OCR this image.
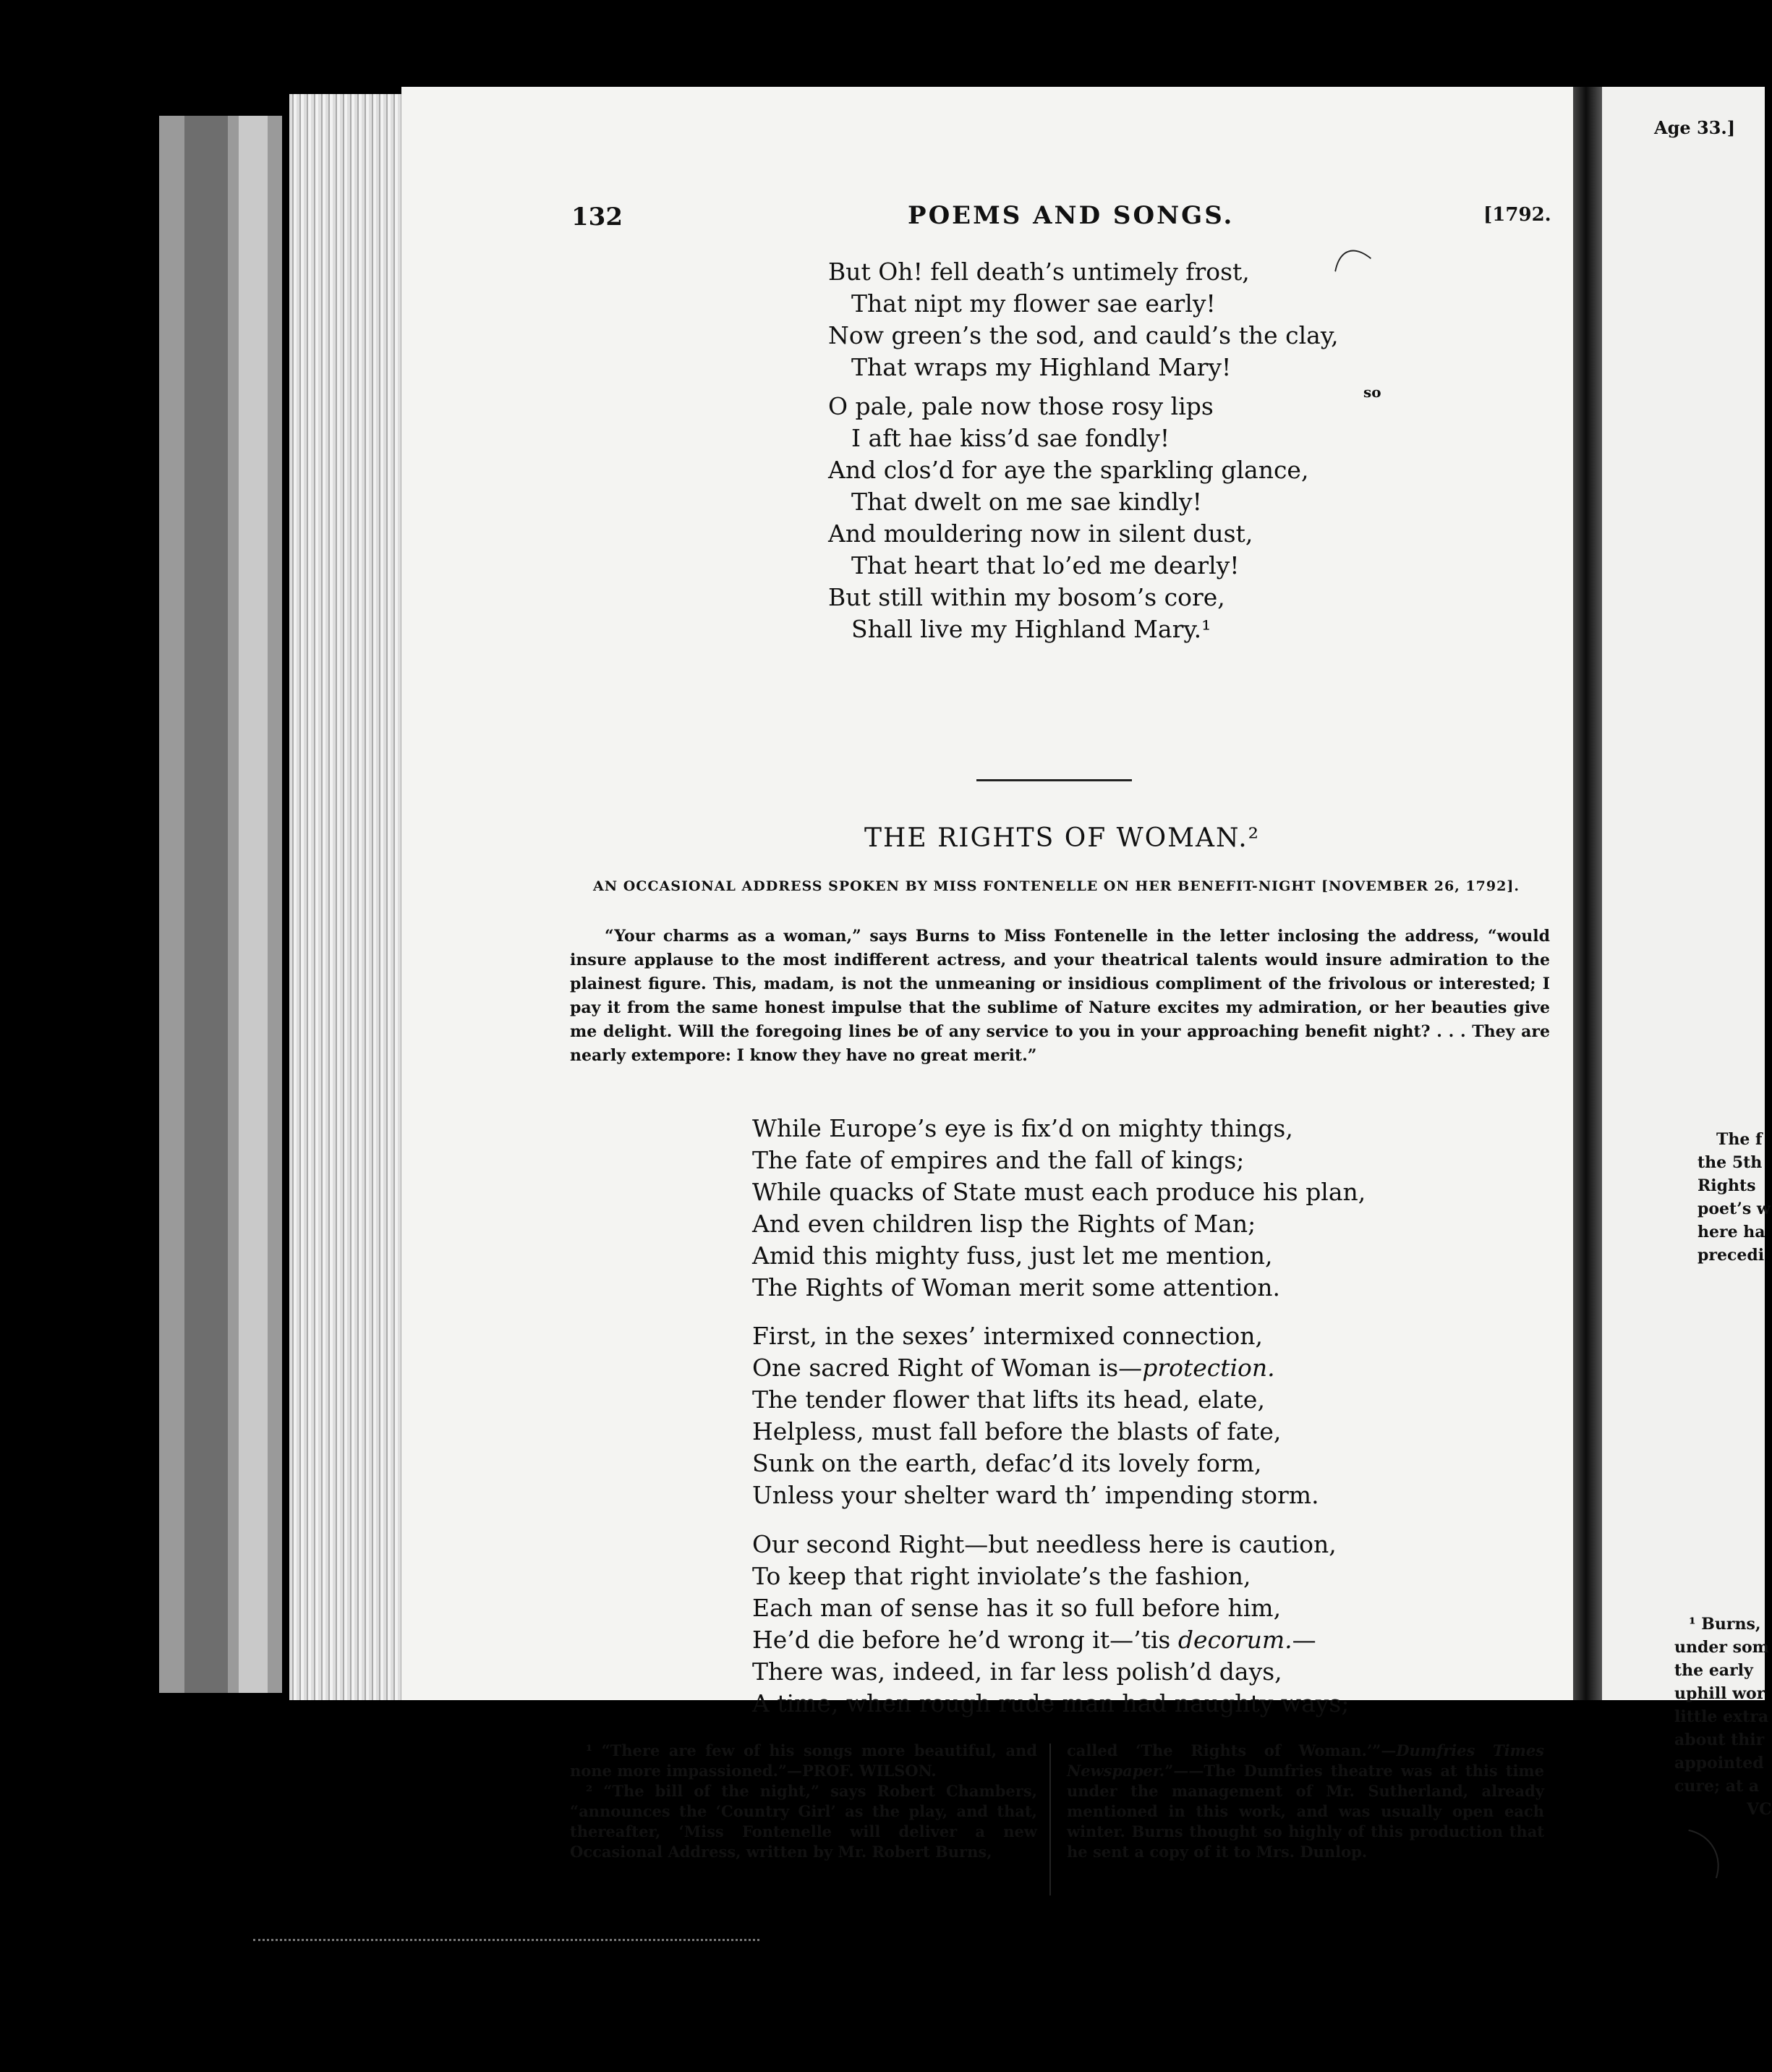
132	POEMS AND SONGS.	[1792.
But Oh! fell death’s untimely frost,
That nipt my flower sae early!
Now green’s the sod, and cauld’s the clay,
That wraps my Highland Mary!
O pale, pale now those rosy lips
I aft hae kiss’d sae fondly!
And clos’d for aye the sparkling glance,
That dwelt on me sae kindly!
And mouldering now in silent dust,
That heart that lo’ed me dearly!
But still within my bosom’s core,
Shall live my Highland Mary.¹
so
THE RIGHTS OF WOMAN.²
AN OCCASIONAL ADDRESS SPOKEN BY MISS FONTENELLE ON HER BENEFIT-NIGHT [NOVEMBER 26, 1792].
“Your charms as a woman,” says Burns to Miss Fontenelle in the letter inclosing the address, “would insure applause to the most indifferent actress, and your theatrical talents would insure admiration to the plainest figure. This, madam, is not the unmeaning or insidious compliment of the frivolous or interested; I pay it from the same honest impulse that the sublime of Nature excites my admiration, or her beauties give me delight. Will the foregoing lines be of any service to you in your approaching benefit night? . . . They are nearly extempore: I know they have no great merit.”
While Europe’s eye is fix’d on mighty things,
The fate of empires and the fall of kings;
While quacks of State must each produce his plan,
And even children lisp the Rights of Man;
Amid this mighty fuss, just let me mention,
The Rights of Woman merit some attention.
First, in the sexes’ intermixed connection,
One sacred Right of Woman is—protection.
The tender flower that lifts its head, elate,
Helpless, must fall before the blasts of fate,
Sunk on the earth, defac’d its lovely form,
Unless your shelter ward th’ impending storm.
Our second Right—but needless here is caution,
To keep that right inviolate’s the fashion,
Each man of sense has it so full before him,
He’d die before he’d wrong it—’tis decorum.—
There was, indeed, in far less polish’d days,
A time, when rough rude man had naughty ways;

¹ “There are few of his songs more beautiful, and none more impassioned.”—PROF. WILSON.

² “The bill of the night,” says Robert Chambers, “announces the ‘Country Girl’ as the play, and that, thereafter, ‘Miss Fontenelle will deliver a new Occasional Address, written by Mr. Robert Burns,

called ‘The Rights of Woman.’”—Dumfries Times Newspaper.”——The Dumfries theatre was at this time under the management of Mr. Sutherland, already mentioned in this work, and was usually open each winter. Burns thought so highly of this production that he sent a copy of it to Mrs. Dunlop.

Age 33.]
The f
the 5th
Rights
poet’s w
here ha
precedi
¹ Burns,
under som
the early
uphill wor
little extra
about thir
appointed
cure; at a
VC
